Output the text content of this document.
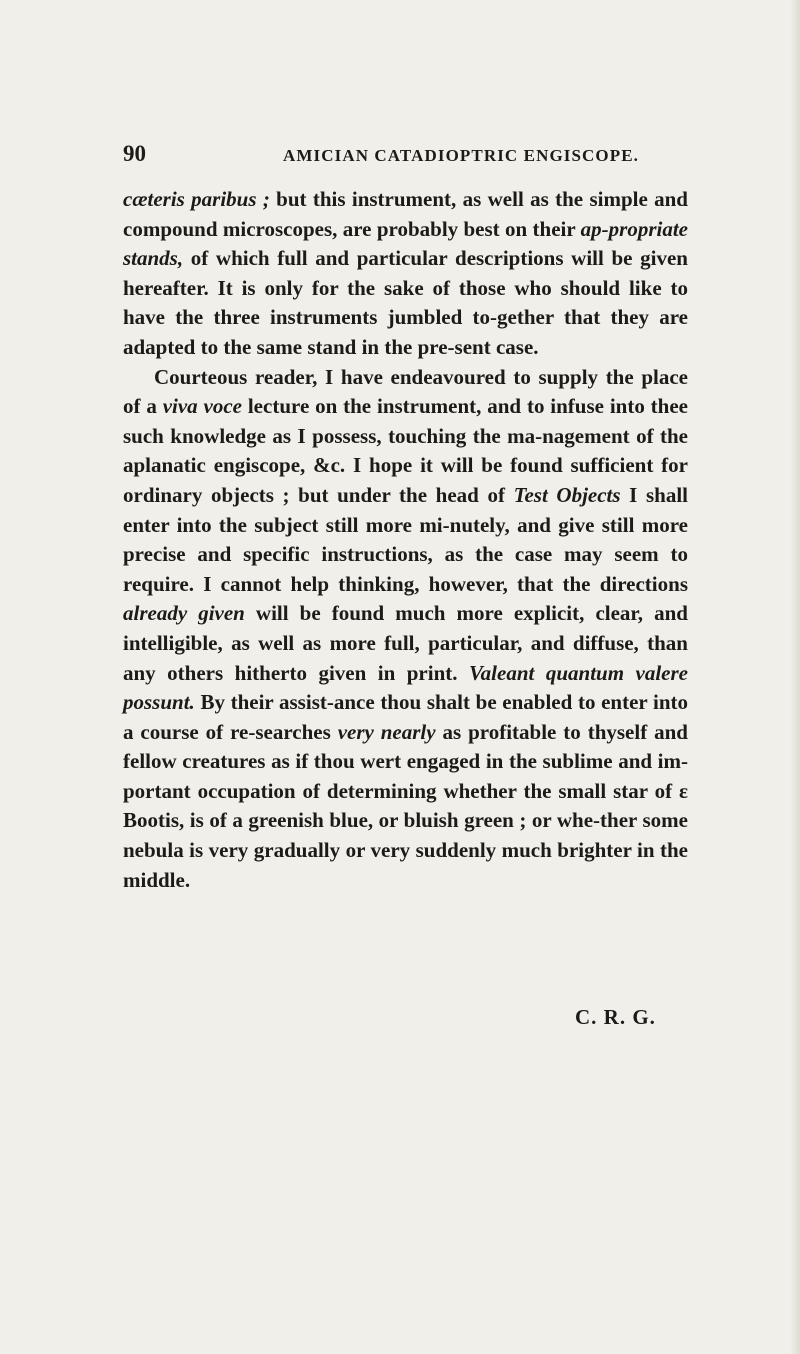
90	AMICIAN CATADIOPTRIC ENGISCOPE.

cæteris paribus ; but this instrument, as well as the simple and compound microscopes, are probably best on their ap-propriate stands, of which full and particular descriptions will be given hereafter. It is only for the sake of those who should like to have the three instruments jumbled to-gether that they are adapted to the same stand in the pre-sent case.

Courteous reader, I have endeavoured to supply the place of a viva voce lecture on the instrument, and to infuse into thee such knowledge as I possess, touching the ma-nagement of the aplanatic engiscope, &c. I hope it will be found sufficient for ordinary objects ; but under the head of Test Objects I shall enter into the subject still more mi-nutely, and give still more precise and specific instructions, as the case may seem to require. I cannot help thinking, however, that the directions already given will be found much more explicit, clear, and intelligible, as well as more full, particular, and diffuse, than any others hitherto given in print. Valeant quantum valere possunt. By their assist-ance thou shalt be enabled to enter into a course of re-searches very nearly as profitable to thyself and fellow creatures as if thou wert engaged in the sublime and im-portant occupation of determining whether the small star of ε Bootis, is of a greenish blue, or bluish green ; or whe-ther some nebula is very gradually or very suddenly much brighter in the middle.

C. R. G.
